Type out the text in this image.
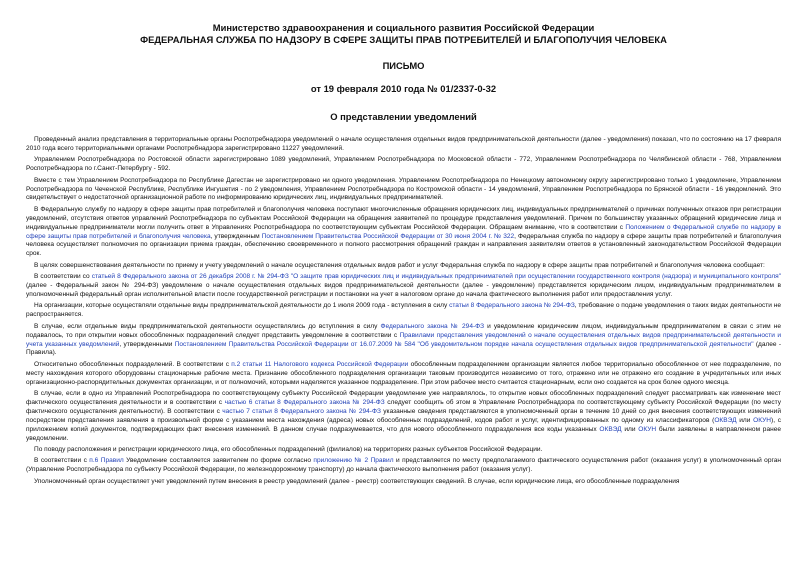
Министерство здравоохранения и социального развития Российской Федерации
ФЕДЕРАЛЬНАЯ СЛУЖБА ПО НАДЗОРУ В СФЕРЕ ЗАЩИТЫ ПРАВ ПОТРЕБИТЕЛЕЙ И БЛАГОПОЛУЧИЯ ЧЕЛОВЕКА
ПИСЬМО
от 19 февраля 2010 года № 01/2337-0-32
О представлении уведомлений

Проведенный анализ представления в территориальные органы Роспотребнадзора уведомлений о начале осуществления отдельных видов предпринимательской деятельности (далее - уведомления) показал, что по состоянию на 17 февраля 2010 года всего территориальными органами Роспотребнадзора зарегистрировано 11227 уведомлений.

Управлением Роспотребнадзора по Ростовской области зарегистрировано 1089 уведомлений, Управлением Роспотребнадзора по Московской области - 772, Управлением Роспотребнадзора по Челябинской области - 768, Управлением Роспотребнадзора по г.Санкт-Петербургу - 592.

Вместе с тем Управлением Роспотребнадзора по Республике Дагестан не зарегистрировано ни одного уведомления. Управлением Роспотребнадзора по Ненецкому автономному округу зарегистрировано только 1 уведомление, Управлением Роспотребнадзора по Чеченской Республике, Республике Ингушетия - по 2 уведомления, Управлением Роспотребнадзора по Костромской области - 14 уведомлений, Управлением Роспотребнадзора по Брянской области - 16 уведомлений. Это свидетельствует о недостаточной организационной работе по информированию юридических лиц, индивидуальных предпринимателей.

В Федеральную службу по надзору в сфере защиты прав потребителей и благополучия человека поступают многочисленные обращения юридических лиц, индивидуальных предпринимателей о причинах полученных отказов при регистрации уведомлений, отсутствия ответов управлений Роспотребнадзора по субъектам Российской Федерации на обращения заявителей по процедуре представления уведомлений. Причем по большинству указанных обращений юридические лица и индивидуальные предприниматели могли получить ответ в Управлениях Роспотребнадзора по соответствующим субъектам Российской Федерации. Обращаем внимание, что в соответствии с Положением о Федеральной службе по надзору в сфере защиты прав потребителей и благополучия человека, утвержденным Постановлением Правительства Российской Федерации от 30 июня 2004 г. № 322, Федеральная служба по надзору в сфере защиты прав потребителей и благополучия человека осуществляет полномочия по организации приема граждан, обеспечению своевременного и полного рассмотрения обращений граждан и направления заявителям ответов в установленный законодательством Российской Федерации срок.

В целях совершенствования деятельности по приему и учету уведомлений о начале осуществления отдельных видов работ и услуг Федеральная служба по надзору в сфере защиты прав потребителей и благополучия человека сообщает:

В соответствии со статьей 8 Федерального закона от 26 декабря 2008 г. № 294-ФЗ "О защите прав юридических лиц и индивидуальных предпринимателей при осуществлении государственного контроля (надзора) и муниципального контроля" (далее - Федеральный закон № 294-ФЗ) уведомление о начале осуществления отдельных видов предпринимательской деятельности (далее - уведомление) представляется юридическим лицом, индивидуальным предпринимателем в уполномоченный федеральный орган исполнительной власти после государственной регистрации и постановки на учет в налоговом органе до начала фактического выполнения работ или предоставления услуг.

На организации, которые осуществляли отдельные виды предпринимательской деятельности до 1 июля 2009 года - вступления в силу статьи 8 Федерального закона № 294-ФЗ, требование о подаче уведомления о таких видах деятельности не распространяется.

В случае, если отдельные виды предпринимательской деятельности осуществлялись до вступления в силу Федерального закона № 294-ФЗ и уведомление юридическим лицом, индивидуальным предпринимателем в связи с этим не подавалось, то при открытии новых обособленных подразделений следует представить уведомление в соответствии с Правилами представления уведомлений о начале осуществления отдельных видов предпринимательской деятельности и учета указанных уведомлений, утвержденными Постановлением Правительства Российской Федерации от 16.07.2009 № 584 "Об уведомительном порядке начала осуществления отдельных видов предпринимательской деятельности" (далее - Правила).

Относительно обособленных подразделений. В соответствии с п.2 статьи 11 Налогового кодекса Российской Федерации обособленным подразделением организации является любое территориально обособленное от нее подразделение, по месту нахождения которого оборудованы стационарные рабочие места. Признание обособленного подразделения организации таковым производится независимо от того, отражено или не отражено его создание в учредительных или иных организационно-распорядительных документах организации, и от полномочий, которыми наделяется указанное подразделение. При этом рабочее место считается стационарным, если оно создается на срок более одного месяца.

В случае, если в одно из Управлений Роспотребнадзора по соответствующему субъекту Российской Федерации уведомление уже направлялось, то открытие новых обособленных подразделений следует рассматривать как изменение мест фактического осуществления деятельности и в соответствии с частью 6 статьи 8 Федерального закона № 294-ФЗ следует сообщить об этом в Управление Роспотребнадзора по соответствующему субъекту Российской Федерации (по месту фактического осуществления деятельности). В соответствии с частью 7 статьи 8 Федерального закона № 294-ФЗ указанные сведения представляются в уполномоченный орган в течение 10 дней со дня внесения соответствующих изменений посредством представления заявления в произвольной форме с указанием места нахождения (адреса) новых обособленных подразделений, кодов работ и услуг, идентифицированных по одному из классификаторов (ОКВЭД или ОКУН), с приложением копий документов, подтверждающих факт внесения изменений. В данном случае подразумевается, что для нового обособленного подразделения все коды указанных ОКВЭД или ОКУН были заявлены в направленном ранее уведомлении.

По поводу расположения и регистрации юридического лица, его обособленных подразделений (филиалов) на территориях разных субъектов Российской Федерации.

В соответствии с п.6 Правил Уведомление составляется заявителем по форме согласно приложению № 2 Правил и представляется по месту предполагаемого фактического осуществления работ (оказания услуг) в уполномоченный орган (Управление Роспотребнадзора по субъекту Российской Федерации, по железнодорожному транспорту) до начала фактического выполнения работ (оказания услуг).

Уполномоченный орган осуществляет учет уведомлений путем внесения в реестр уведомлений (далее - реестр) соответствующих сведений. В случае, если юридические лица, его обособленные подразделения
